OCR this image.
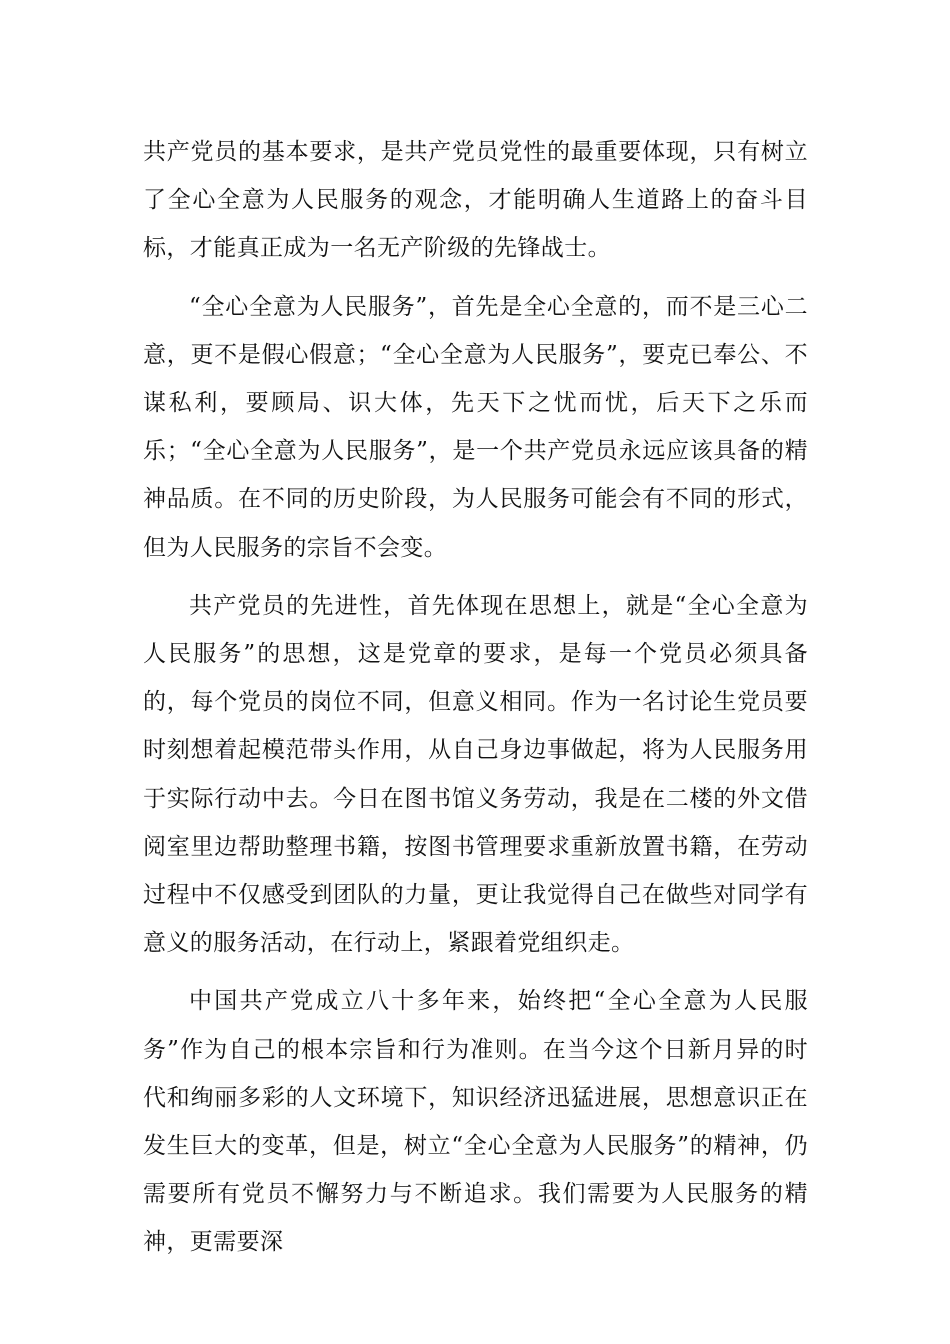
共产党员的基本要求，是共产党员党性的最重要体现，只有树立了全心全意为人民服务的观念，才能明确人生道路上的奋斗目标，才能真正成为一名无产阶级的先锋战士。

“全心全意为人民服务”，首先是全心全意的，而不是三心二意，更不是假心假意；“全心全意为人民服务”，要克已奉公、不谋私利，要顾局、识大体，先天下之忧而忧，后天下之乐而乐；“全心全意为人民服务”，是一个共产党员永远应该具备的精神品质。在不同的历史阶段，为人民服务可能会有不同的形式，但为人民服务的宗旨不会变。

共产党员的先进性，首先体现在思想上，就是“全心全意为人民服务”的思想，这是党章的要求，是每一个党员必须具备的，每个党员的岗位不同，但意义相同。作为一名讨论生党员要时刻想着起模范带头作用，从自己身边事做起，将为人民服务用于实际行动中去。今日在图书馆义务劳动，我是在二楼的外文借阅室里边帮助整理书籍，按图书管理要求重新放置书籍，在劳动过程中不仅感受到团队的力量，更让我觉得自己在做些对同学有意义的服务活动，在行动上，紧跟着党组织走。

中国共产党成立八十多年来，始终把“全心全意为人民服务”作为自己的根本宗旨和行为准则。在当今这个日新月异的时代和绚丽多彩的人文环境下，知识经济迅猛进展，思想意识正在发生巨大的变革，但是，树立“全心全意为人民服务”的精神，仍需要所有党员不懈努力与不断追求。我们需要为人民服务的精神，更需要深
